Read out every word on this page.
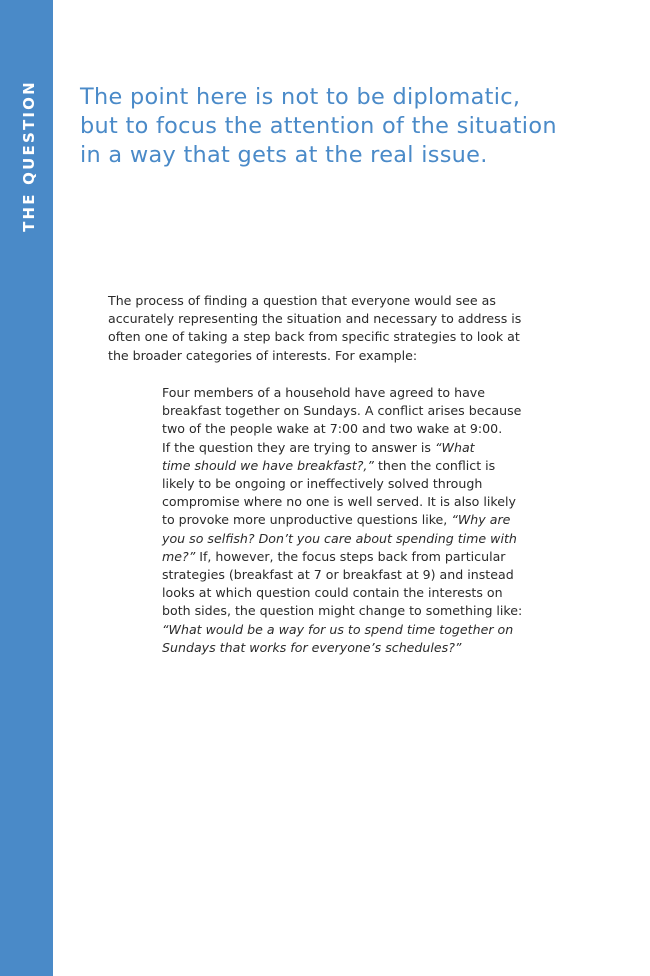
THE QUESTION The point here is not to be diplomatic,
but to focus the attention of the situation
in a way that gets at the real issue.
The process of finding a question that everyone would see as
accurately representing the situation and necessary to address is
often one of taking a step back from specific strategies to look at
the broader categories of interests. For example:
Four members of a household have agreed to have
breakfast together on Sundays. A conflict arises because
two of the people wake at 7:00 and two wake at 9:00.
If the question they are trying to answer is “What
time should we have breakfast?,” then the conflict is
likely to be ongoing or ineffectively solved through
compromise where no one is well served. It is also likely
to provoke more unproductive questions like, “Why are
you so selfish? Don’t you care about spending time with
me?” If, however, the focus steps back from particular
strategies (breakfast at 7 or breakfast at 9) and instead
looks at which question could contain the interests on
both sides, the question might change to something like:
“What would be a way for us to spend time together on
Sundays that works for everyone’s schedules?”
